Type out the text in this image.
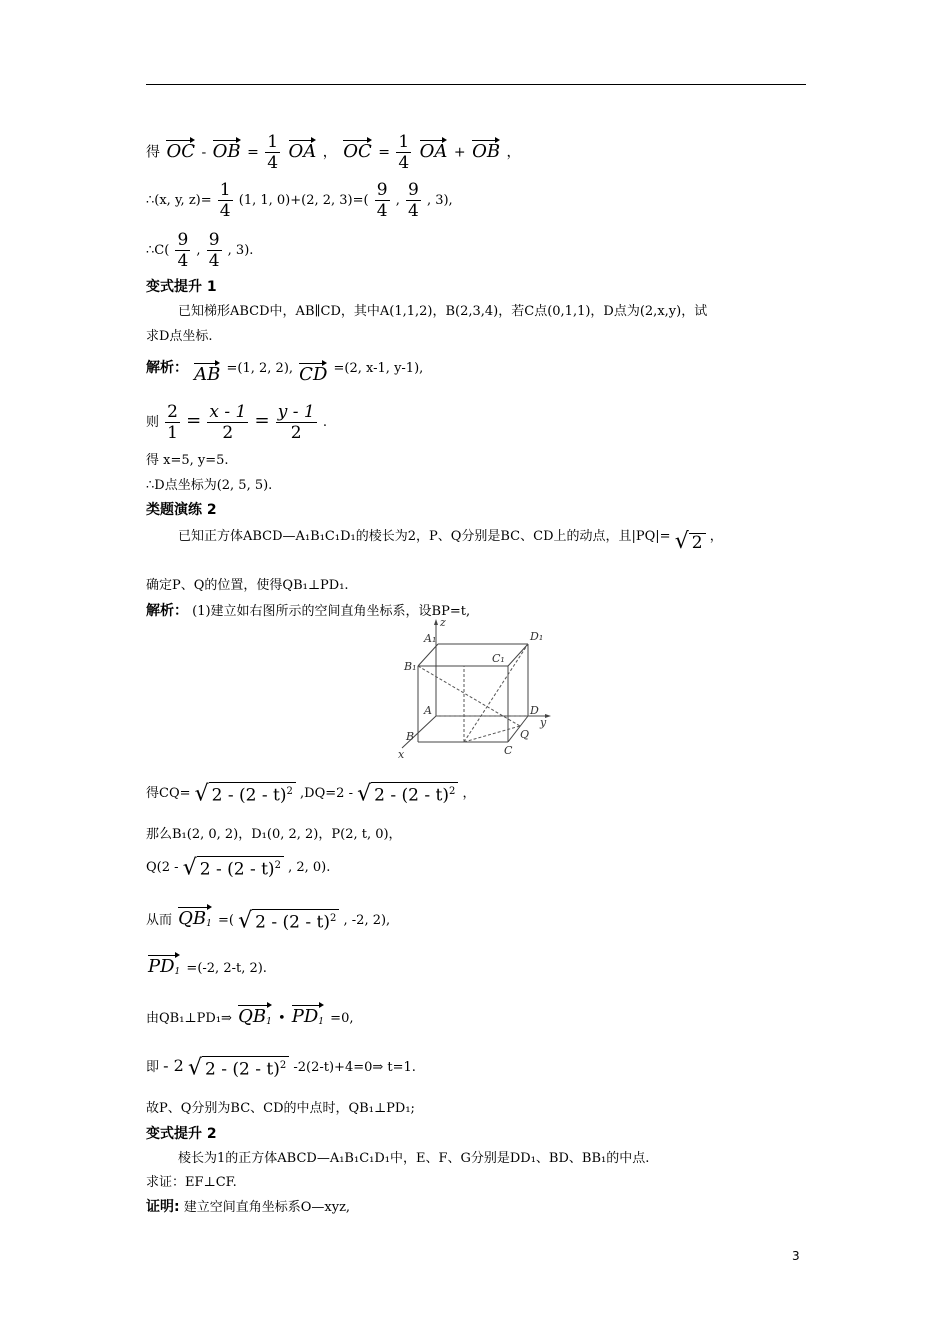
得 OC - OB = $\frac{1}{4}$ OA ， OC = $\frac{1}{4}$ OA + OB ，
∴(x, y, $z)= \frac{1}{4} (1$, 1, 0)+(2, 2, $3)=( \frac{9}{4}$ , $\frac{9}{4}$ , 3),
∴C( $\frac{9}{4}$ , $\frac{9}{4}$ , 3).
变式提升 1
已知梯形ABCD中，AB∥CD，其中A(1,1,2)，B(2,3,4)，若C点(0,1,1)，D点为(2,x,y)，试
求D点坐标.
解析： AB =(1, 2, 2), CD =(2, x-1, y-1),
则 $\frac{2}{1} = \frac{x - 1}{2} = \frac{y - 1}{2}$ .
得 x=5, y=5.
∴D点坐标为(2, 5, 5).
类题演练 2
已知正方体ABCD—A₁B₁C₁D₁的棱长为2，P、Q分别是BC、CD上的动点，且|PQ|= √ 2 ，
确定P、Q的位置，使得QB₁⊥PD₁.
解析： (1)建立如右图所示的空间直角坐标系，设BP=t,
z
A₁	D₁
B₁
C₁
A	D
y
B	Q
C
x
得CQ= √ 2 - (2 - t)$^2$ ,DQ=2 - √ 2 - (2 - t)$^2$ ，
那么B₁(2, 0, 2)，D₁(0, 2, 2)，P(2, t, 0)，
Q(2 - √ 2 - (2 - t)$^2$ , 2, 0).
从而 $QB_1$ =( √ 2 - (2 - t)$^2$ , -2, 2),
$PD_1 =(-2$, 2-t, 2).
由QB₁⊥PD₁⇒ $QB_1$ • $PD_1 =0$,
即 - 2 √ 2 - (2 - t)$^2$ -2(2-t)+4=0⇒ t=1.
故P、Q分别为BC、CD的中点时，QB₁⊥PD₁;
变式提升 2
棱长为1的正方体ABCD—A₁B₁C₁D₁中，E、F、G分别是DD₁、BD、BB₁的中点.
求证：EF⊥CF.
证明: 建立空间直角坐标系O—xyz,
3
